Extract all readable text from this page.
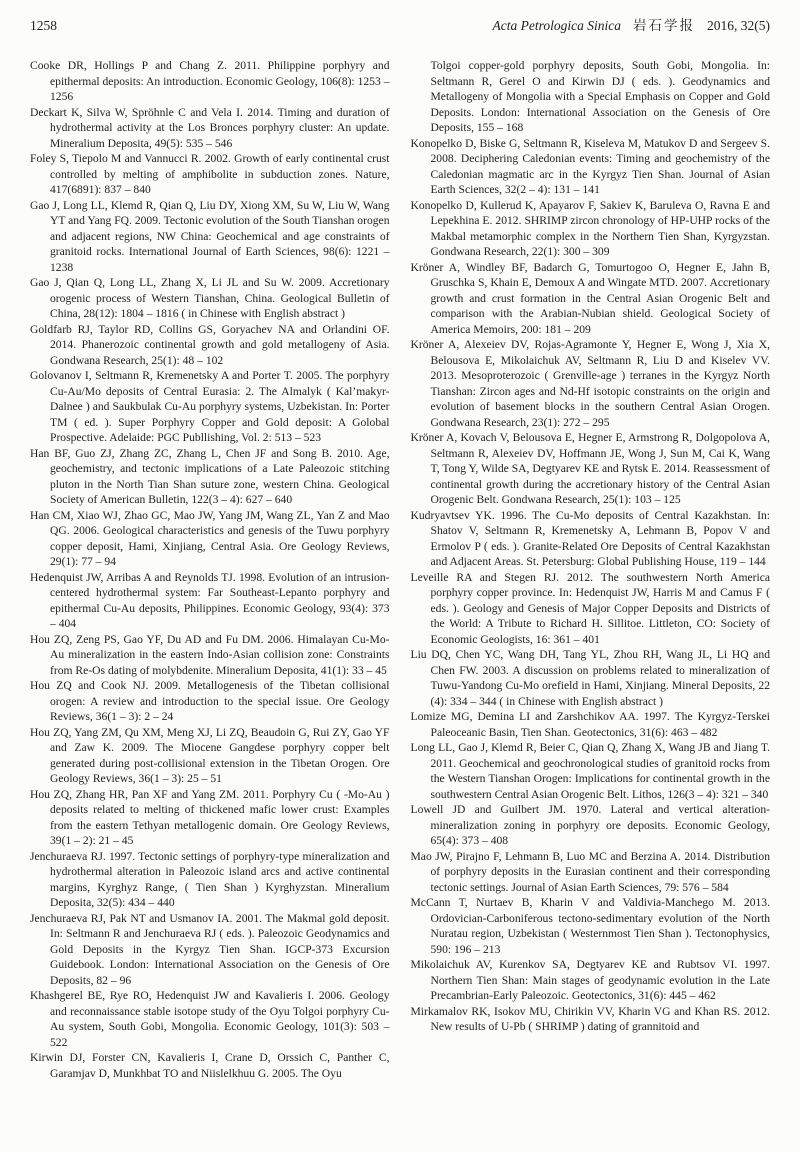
1258	Acta Petrologica Sinica 岩石学报 2016, 32(5)

Cooke DR, Hollings P and Chang Z. 2011. Philippine porphyry and epithermal deposits: An introduction. Economic Geology, 106(8): 1253 – 1256

Deckart K, Silva W, Spröhnle C and Vela I. 2014. Timing and duration of hydrothermal activity at the Los Bronces porphyry cluster: An update. Mineralium Deposita, 49(5): 535 – 546

Foley S, Tiepolo M and Vannucci R. 2002. Growth of early continental crust controlled by melting of amphibolite in subduction zones. Nature, 417(6891): 837 – 840

Gao J, Long LL, Klemd R, Qian Q, Liu DY, Xiong XM, Su W, Liu W, Wang YT and Yang FQ. 2009. Tectonic evolution of the South Tianshan orogen and adjacent regions, NW China: Geochemical and age constraints of granitoid rocks. International Journal of Earth Sciences, 98(6): 1221 – 1238

Gao J, Qian Q, Long LL, Zhang X, Li JL and Su W. 2009. Accretionary orogenic process of Western Tianshan, China. Geological Bulletin of China, 28(12): 1804 – 1816 ( in Chinese with English abstract )

Goldfarb RJ, Taylor RD, Collins GS, Goryachev NA and Orlandini OF. 2014. Phanerozoic continental growth and gold metallogeny of Asia. Gondwana Research, 25(1): 48 – 102

Golovanov I, Seltmann R, Kremenetsky A and Porter T. 2005. The porphyry Cu-Au/Mo deposits of Central Eurasia: 2. The Almalyk ( Kal’makyr-Dalnee ) and Saukbulak Cu-Au porphyry systems, Uzbekistan. In: Porter TM ( ed. ). Super Porphyry Copper and Gold deposit: A Golobal Prospective. Adelaide: PGC Publlishing, Vol. 2: 513 – 523

Han BF, Guo ZJ, Zhang ZC, Zhang L, Chen JF and Song B. 2010. Age, geochemistry, and tectonic implications of a Late Paleozoic stitching pluton in the North Tian Shan suture zone, western China. Geological Society of American Bulletin, 122(3 – 4): 627 – 640

Han CM, Xiao WJ, Zhao GC, Mao JW, Yang JM, Wang ZL, Yan Z and Mao QG. 2006. Geological characteristics and genesis of the Tuwu porphyry copper deposit, Hami, Xinjiang, Central Asia. Ore Geology Reviews, 29(1): 77 – 94

Hedenquist JW, Arribas A and Reynolds TJ. 1998. Evolution of an intrusion-centered hydrothermal system: Far Southeast-Lepanto porphyry and epithermal Cu-Au deposits, Philippines. Economic Geology, 93(4): 373 – 404

Hou ZQ, Zeng PS, Gao YF, Du AD and Fu DM. 2006. Himalayan Cu-Mo-Au mineralization in the eastern Indo-Asian collision zone: Constraints from Re-Os dating of molybdenite. Mineralium Deposita, 41(1): 33 – 45

Hou ZQ and Cook NJ. 2009. Metallogenesis of the Tibetan collisional orogen: A review and introduction to the special issue. Ore Geology Reviews, 36(1 – 3): 2 – 24

Hou ZQ, Yang ZM, Qu XM, Meng XJ, Li ZQ, Beaudoin G, Rui ZY, Gao YF and Zaw K. 2009. The Miocene Gangdese porphyry copper belt generated during post-collisional extension in the Tibetan Orogen. Ore Geology Reviews, 36(1 – 3): 25 – 51

Hou ZQ, Zhang HR, Pan XF and Yang ZM. 2011. Porphyry Cu ( -Mo-Au ) deposits related to melting of thickened mafic lower crust: Examples from the eastern Tethyan metallogenic domain. Ore Geology Reviews, 39(1 – 2): 21 – 45

Jenchuraeva RJ. 1997. Tectonic settings of porphyry-type mineralization and hydrothermal alteration in Paleozoic island arcs and active continental margins, Kyrghyz Range, ( Tien Shan ) Kyrghyzstan. Mineralium Deposita, 32(5): 434 – 440

Jenchuraeva RJ, Pak NT and Usmanov IA. 2001. The Makmal gold deposit. In: Seltmann R and Jenchuraeva RJ ( eds. ). Paleozoic Geodynamics and Gold Deposits in the Kyrgyz Tien Shan. IGCP-373 Excursion Guidebook. London: International Association on the Genesis of Ore Deposits, 82 – 96

Khashgerel BE, Rye RO, Hedenquist JW and Kavalieris I. 2006. Geology and reconnaissance stable isotope study of the Oyu Tolgoi porphyry Cu-Au system, South Gobi, Mongolia. Economic Geology, 101(3): 503 – 522

Kirwin DJ, Forster CN, Kavalieris I, Crane D, Orssich C, Panther C, Garamjav D, Munkhbat TO and Niislelkhuu G. 2005. The Oyu

Tolgoi copper-gold porphyry deposits, South Gobi, Mongolia. In: Seltmann R, Gerel O and Kirwin DJ ( eds. ). Geodynamics and Metallogeny of Mongolia with a Special Emphasis on Copper and Gold Deposits. London: International Association on the Genesis of Ore Deposits, 155 – 168

Konopelko D, Biske G, Seltmann R, Kiseleva M, Matukov D and Sergeev S. 2008. Deciphering Caledonian events: Timing and geochemistry of the Caledonian magmatic arc in the Kyrgyz Tien Shan. Journal of Asian Earth Sciences, 32(2 – 4): 131 – 141

Konopelko D, Kullerud K, Apayarov F, Sakiev K, Baruleva O, Ravna E and Lepekhina E. 2012. SHRIMP zircon chronology of HP-UHP rocks of the Makbal metamorphic complex in the Northern Tien Shan, Kyrgyzstan. Gondwana Research, 22(1): 300 – 309

Kröner A, Windley BF, Badarch G, Tomurtogoo O, Hegner E, Jahn B, Gruschka S, Khain E, Demoux A and Wingate MTD. 2007. Accretionary growth and crust formation in the Central Asian Orogenic Belt and comparison with the Arabian-Nubian shield. Geological Society of America Memoirs, 200: 181 – 209

Kröner A, Alexeiev DV, Rojas-Agramonte Y, Hegner E, Wong J, Xia X, Belousova E, Mikolaichuk AV, Seltmann R, Liu D and Kiselev VV. 2013. Mesoproterozoic ( Grenville-age ) terranes in the Kyrgyz North Tianshan: Zircon ages and Nd-Hf isotopic constraints on the origin and evolution of basement blocks in the southern Central Asian Orogen. Gondwana Research, 23(1): 272 – 295

Kröner A, Kovach V, Belousova E, Hegner E, Armstrong R, Dolgopolova A, Seltmann R, Alexeiev DV, Hoffmann JE, Wong J, Sun M, Cai K, Wang T, Tong Y, Wilde SA, Degtyarev KE and Rytsk E. 2014. Reassessment of continental growth during the accretionary history of the Central Asian Orogenic Belt. Gondwana Research, 25(1): 103 – 125

Kudryavtsev YK. 1996. The Cu-Mo deposits of Central Kazakhstan. In: Shatov V, Seltmann R, Kremenetsky A, Lehmann B, Popov V and Ermolov P ( eds. ). Granite-Related Ore Deposits of Central Kazakhstan and Adjacent Areas. St. Petersburg: Global Publishing House, 119 – 144

Leveille RA and Stegen RJ. 2012. The southwestern North America porphyry copper province. In: Hedenquist JW, Harris M and Camus F ( eds. ). Geology and Genesis of Major Copper Deposits and Districts of the World: A Tribute to Richard H. Sillitoe. Littleton, CO: Society of Economic Geologists, 16: 361 – 401

Liu DQ, Chen YC, Wang DH, Tang YL, Zhou RH, Wang JL, Li HQ and Chen FW. 2003. A discussion on problems related to mineralization of Tuwu-Yandong Cu-Mo orefield in Hami, Xinjiang. Mineral Deposits, 22 (4): 334 – 344 ( in Chinese with English abstract )

Lomize MG, Demina LI and Zarshchikov AA. 1997. The Kyrgyz-Terskei Paleoceanic Basin, Tien Shan. Geotectonics, 31(6): 463 – 482

Long LL, Gao J, Klemd R, Beier C, Qian Q, Zhang X, Wang JB and Jiang T. 2011. Geochemical and geochronological studies of granitoid rocks from the Western Tianshan Orogen: Implications for continental growth in the southwestern Central Asian Orogenic Belt. Lithos, 126(3 – 4): 321 – 340

Lowell JD and Guilbert JM. 1970. Lateral and vertical alteration-mineralization zoning in porphyry ore deposits. Economic Geology, 65(4): 373 – 408

Mao JW, Pirajno F, Lehmann B, Luo MC and Berzina A. 2014. Distribution of porphyry deposits in the Eurasian continent and their corresponding tectonic settings. Journal of Asian Earth Sciences, 79: 576 – 584

McCann T, Nurtaev B, Kharin V and Valdivia-Manchego M. 2013. Ordovician-Carboniferous tectono-sedimentary evolution of the North Nuratau region, Uzbekistan ( Westernmost Tien Shan ). Tectonophysics, 590: 196 – 213

Mikolaichuk AV, Kurenkov SA, Degtyarev KE and Rubtsov VI. 1997. Northern Tien Shan: Main stages of geodynamic evolution in the Late Precambrian-Early Paleozoic. Geotectonics, 31(6): 445 – 462

Mirkamalov RK, Isokov MU, Chirikin VV, Kharin VG and Khan RS. 2012. New results of U-Pb ( SHRIMP ) dating of grannitoid and
